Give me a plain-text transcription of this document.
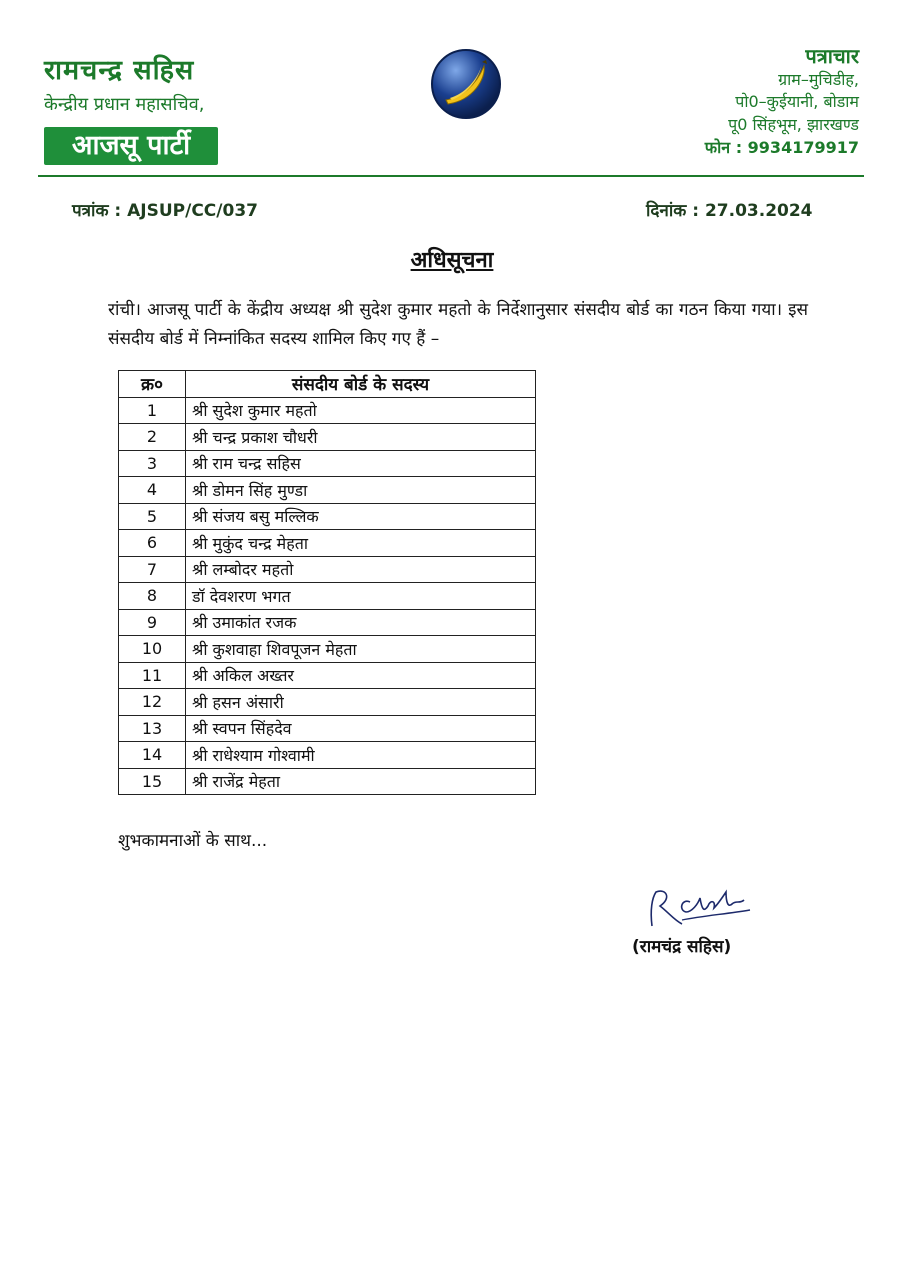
रामचन्द्र सहिस
केन्द्रीय प्रधान महासचिव,
आजसू पार्टी
पत्राचार
ग्राम–मुचिडीह,
पो0–कुईयानी, बोडाम
पू0 सिंहभूम, झारखण्ड
फोन : 9934179917
पत्रांक : AJSUP/CC/037	दिनांक : 27.03.2024
अधिसूचना
रांची। आजसू पार्टी के केंद्रीय अध्यक्ष श्री सुदेश कुमार महतो के निर्देशानुसार संसदीय बोर्ड का गठन किया गया। इस संसदीय बोर्ड में निम्नांकित सदस्य शामिल किए गए हैं –
क्र०	संसदीय बोर्ड के सदस्य
1	श्री सुदेश कुमार महतो
2	श्री चन्द्र प्रकाश चौधरी
3	श्री राम चन्द्र सहिस
4	श्री डोमन सिंह मुण्डा
5	श्री संजय बसु मल्लिक
6	श्री मुकुंद चन्द्र मेहता
7	श्री लम्बोदर महतो
8	डॉ देवशरण भगत
9	श्री उमाकांत रजक
10	श्री कुशवाहा शिवपूजन मेहता
11	श्री अकिल अख्तर
12	श्री हसन अंसारी
13	श्री स्वपन सिंहदेव
14	श्री राधेश्याम गोश्वामी
15	श्री राजेंद्र मेहता
शुभकामनाओं के साथ...
(रामचंद्र सहिस)
